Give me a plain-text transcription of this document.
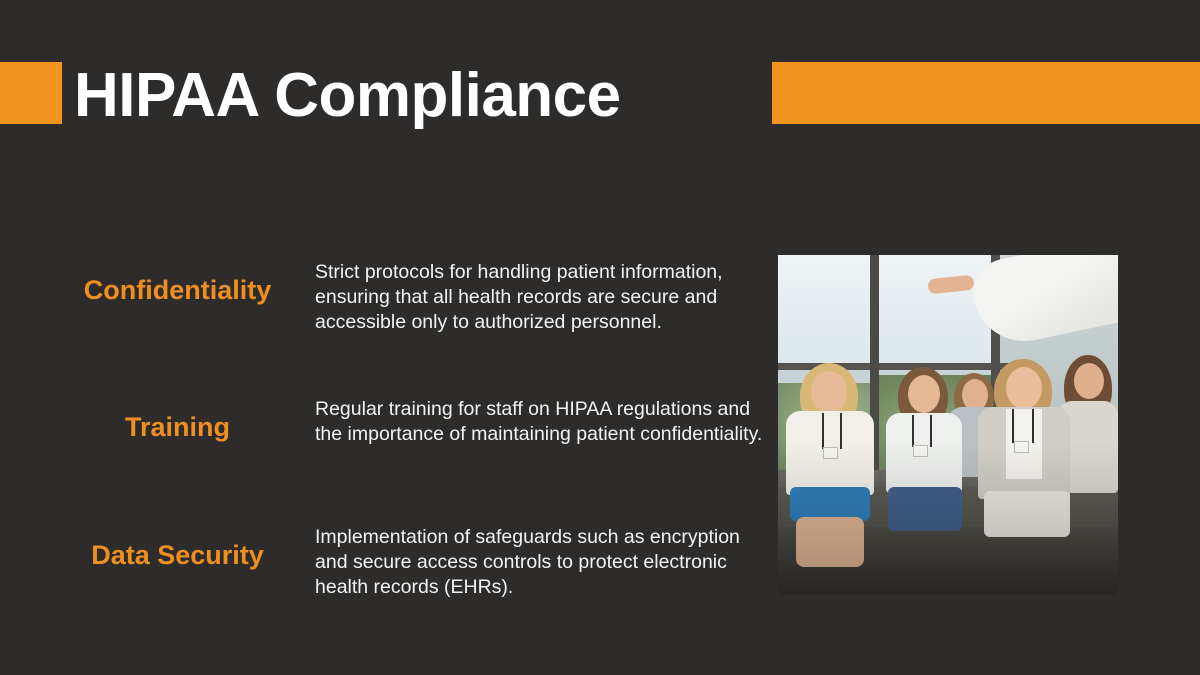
HIPAA Compliance
Confidentiality
Strict protocols for handling patient information, ensuring that all health records are secure and accessible only to authorized personnel.
Training
Regular training for staff on HIPAA regulations and the importance of maintaining patient confidentiality.
Data Security
Implementation of safeguards such as encryption and secure access controls to protect electronic health records (EHRs).
